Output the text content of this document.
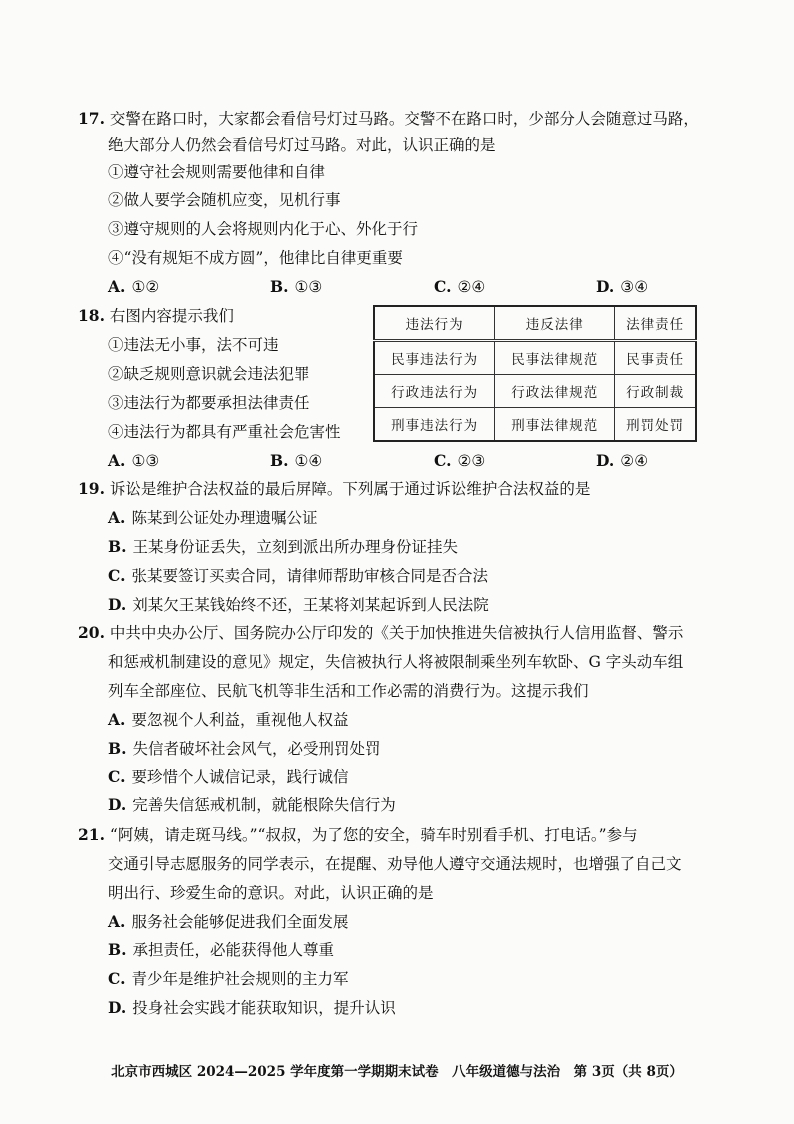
17. 交警在路口时，大家都会看信号灯过马路。交警不在路口时，少部分人会随意过马路，
绝大部分人仍然会看信号灯过马路。对此，认识正确的是
①遵守社会规则需要他律和自律
②做人要学会随机应变，见机行事
③遵守规则的人会将规则内化于心、外化于行
④“没有规矩不成方圆”，他律比自律更重要
A. ①②	B. ①③	C. ②④	D. ③④
18. 右图内容提示我们
①违法无小事，法不可违
②缺乏规则意识就会违法犯罪
③违法行为都要承担法律责任
④违法行为都具有严重社会危害性
违法行为	违反法律	法律责任
民事违法行为	民事法律规范	民事责任
行政违法行为	行政法律规范	行政制裁
刑事违法行为	刑事法律规范	刑罚处罚
A. ①③	B. ①④	C. ②③	D. ②④
19. 诉讼是维护合法权益的最后屏障。下列属于通过诉讼维护合法权益的是
A. 陈某到公证处办理遗嘱公证
B. 王某身份证丢失，立刻到派出所办理身份证挂失
C. 张某要签订买卖合同，请律师帮助审核合同是否合法
D. 刘某欠王某钱始终不还，王某将刘某起诉到人民法院
20. 中共中央办公厅、国务院办公厅印发的《关于加快推进失信被执行人信用监督、警示
和惩戒机制建设的意见》规定，失信被执行人将被限制乘坐列车软卧、G 字头动车组
列车全部座位、民航飞机等非生活和工作必需的消费行为。这提示我们
A. 要忽视个人利益，重视他人权益
B. 失信者破坏社会风气，必受刑罚处罚
C. 要珍惜个人诚信记录，践行诚信
D. 完善失信惩戒机制，就能根除失信行为
21. “阿姨，请走斑马线。”“叔叔，为了您的安全，骑车时别看手机、打电话。”参与
交通引导志愿服务的同学表示，在提醒、劝导他人遵守交通法规时，也增强了自己文
明出行、珍爱生命的意识。对此，认识正确的是
A. 服务社会能够促进我们全面发展
B. 承担责任，必能获得他人尊重
C. 青少年是维护社会规则的主力军
D. 投身社会实践才能获取知识，提升认识
北京市西城区 2024—2025 学年度第一学期期末试卷　八年级道德与法治　第 3页（共 8页）
